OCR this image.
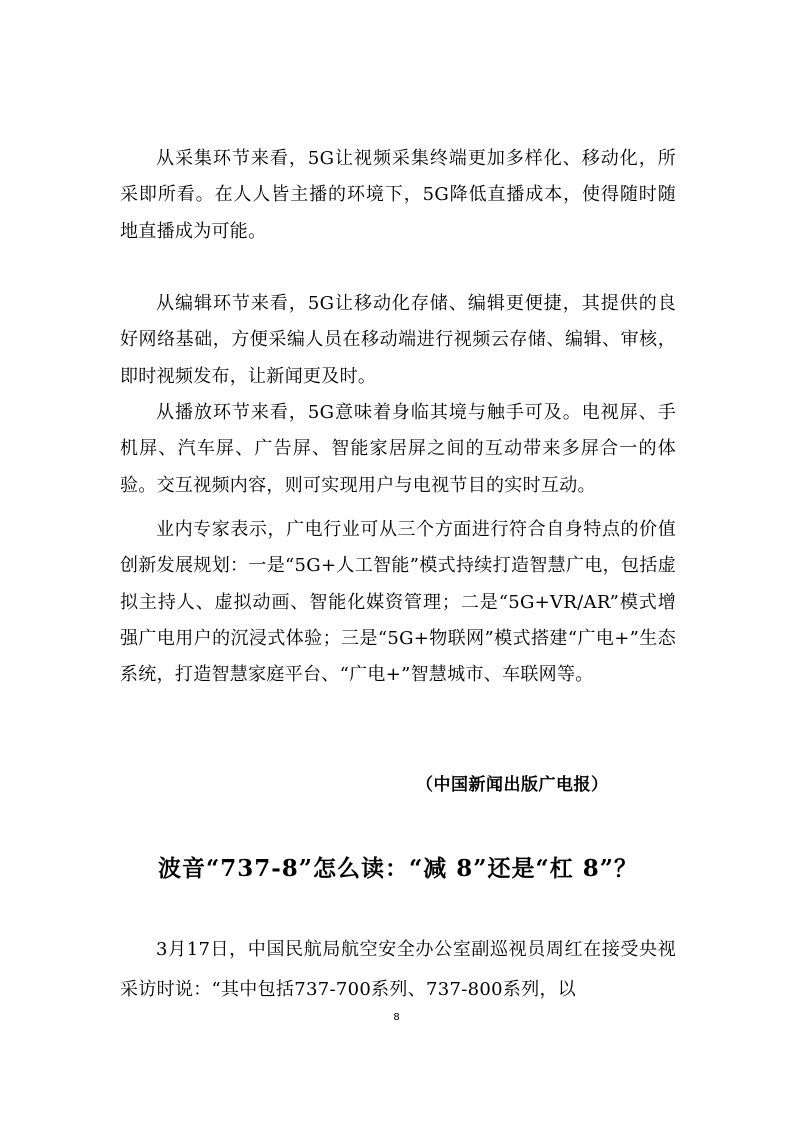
从采集环节来看，5G让视频采集终端更加多样化、移动化，所采即所看。在人人皆主播的环境下，5G降低直播成本，使得随时随地直播成为可能。

从编辑环节来看，5G让移动化存储、编辑更便捷，其提供的良好网络基础，方便采编人员在移动端进行视频云存储、编辑、审核，即时视频发布，让新闻更及时。

从播放环节来看，5G意味着身临其境与触手可及。电视屏、手机屏、汽车屏、广告屏、智能家居屏之间的互动带来多屏合一的体验。交互视频内容，则可实现用户与电视节目的实时互动。

业内专家表示，广电行业可从三个方面进行符合自身特点的价值创新发展规划：一是“5G+人工智能”模式持续打造智慧广电，包括虚拟主持人、虚拟动画、智能化媒资管理；二是“5G+VR/AR”模式增强广电用户的沉浸式体验；三是“5G+物联网”模式搭建“广电+”生态系统，打造智慧家庭平台、“广电+”智慧城市、车联网等。

（中国新闻出版广电报）

波音“737-8”怎么读：“减 8”还是“杠 8”？

3月17日，中国民航局航空安全办公室副巡视员周红在接受央视采访时说：“其中包括737-700系列、737-800系列，以

8
